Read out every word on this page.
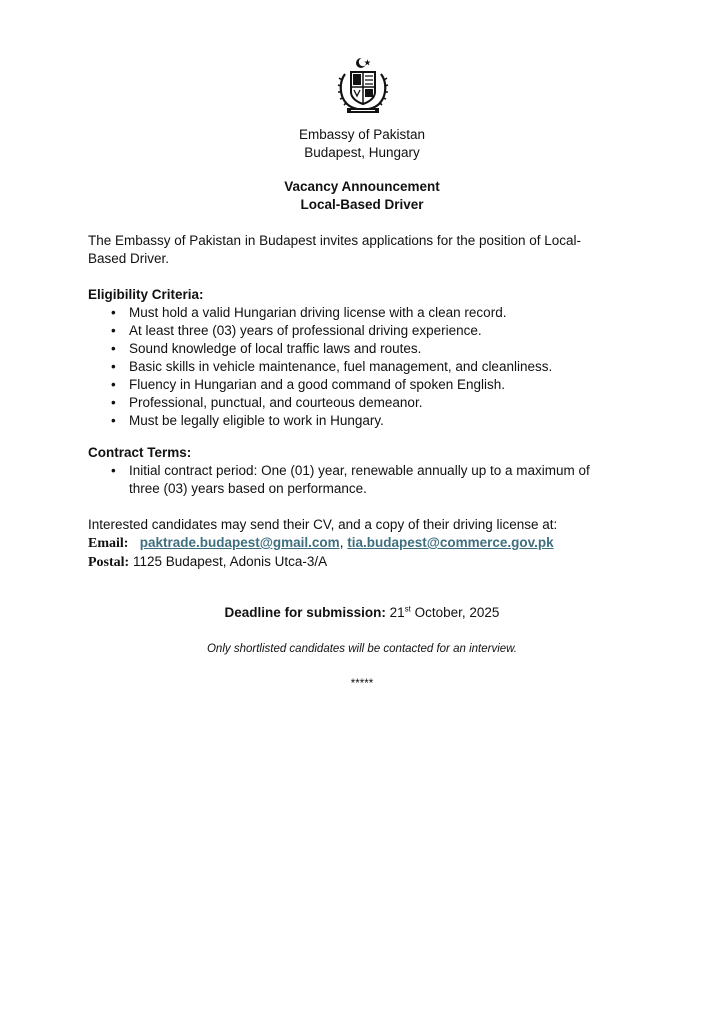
Embassy of Pakistan
Budapest, Hungary
Vacancy Announcement
Local-Based Driver
The Embassy of Pakistan in Budapest invites applications for the position of Local-
Based Driver.

Eligibility Criteria:

• Must hold a valid Hungarian driving license with a clean record.
• At least three (03) years of professional driving experience.
• Sound knowledge of local traffic laws and routes.
• Basic skills in vehicle maintenance, fuel management, and cleanliness.
• Fluency in Hungarian and a good command of spoken English.
• Professional, punctual, and courteous demeanor.
• Must be legally eligible to work in Hungary.

Contract Terms:

• Initial contract period: One (01) year, renewable annually up to a maximum of
three (03) years based on performance.
Interested candidates may send their CV, and a copy of their driving license at:
Email: paktrade.budapest@gmail.com, tia.budapest@commerce.gov.pk
Postal: 1125 Budapest, Adonis Utca-3/A
Deadline for submission: 21st October, 2025
Only shortlisted candidates will be contacted for an interview.
*****
